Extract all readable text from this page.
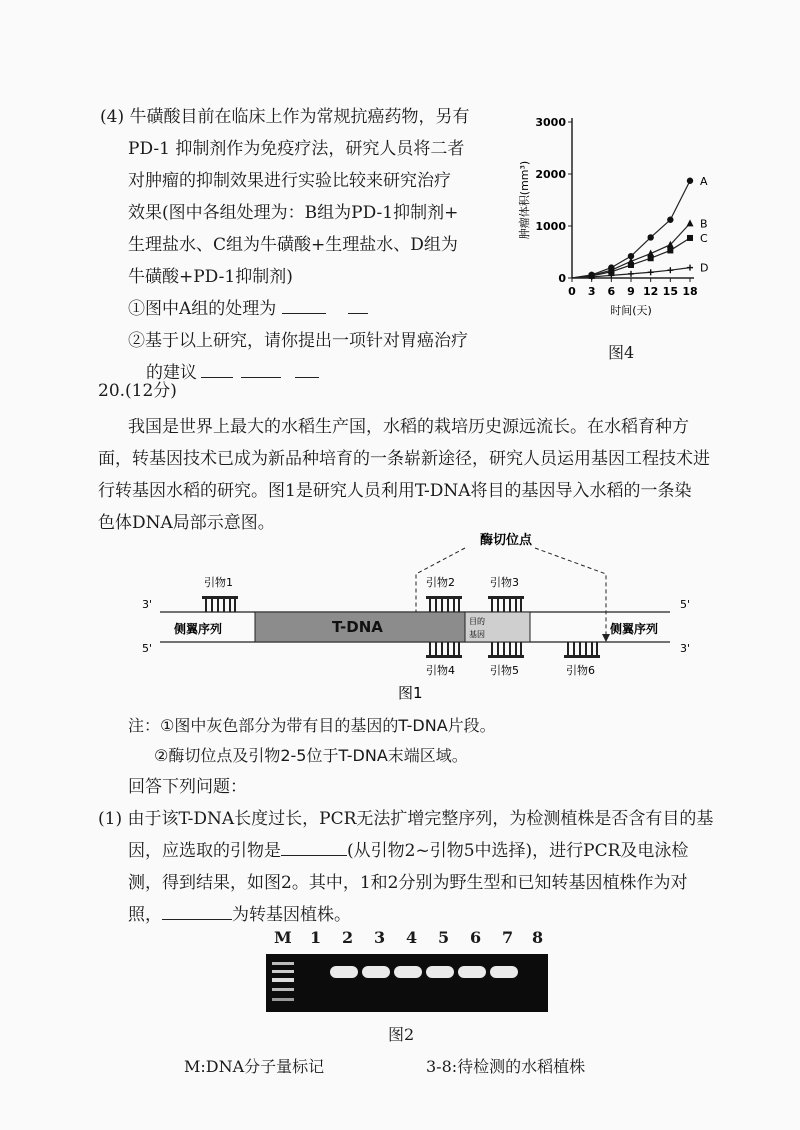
(4) 牛磺酸目前在临床上作为常规抗癌药物，另有
PD-1 抑制剂作为免疫疗法，研究人员将二者
对肿瘤的抑制效果进行实验比较来研究治疗
效果(图中各组处理为：B组为PD-1抑制剂+
生理盐水、C组为牛磺酸+生理盐水、D组为
牛磺酸+PD-1抑制剂)
①图中A组的处理为
②基于以上研究，请你提出一项针对胃癌治疗
的建议
0
1000
2000
3000
0 3 6 9 12 15 18
时间(天)
肿瘤体积(mm³)	A
B
C
D
图4
20.(12分)
我国是世界上最大的水稻生产国，水稻的栽培历史源远流长。在水稻育种方
面，转基因技术已成为新品种培育的一条崭新途径，研究人员运用基因工程技术进
行转基因水稻的研究。图1是研究人员利用T-DNA将目的基因导入水稻的一条染
色体DNA局部示意图。
酶切位点
3'	5'
5'	3'
T-DNA	目的
基因
侧翼序列	侧翼序列
引物1	引物2	引物3
引物4	引物5	引物6
图1
注：①图中灰色部分为带有目的基因的T-DNA片段。
②酶切位点及引物2-5位于T-DNA末端区域。
回答下列问题：
(1) 由于该T-DNA长度过长，PCR无法扩增完整序列，为检测植株是否含有目的基
因，应选取的引物是	(从引物2~引物5中选择)，进行PCR及电泳检
测，得到结果，如图2。其中，1和2分别为野生型和已知转基因植株作为对
照，	为转基因植株。
M 1 2 3 4 5 6 7 8
图2
M:DNA分子量标记	3-8:待检测的水稻植株
